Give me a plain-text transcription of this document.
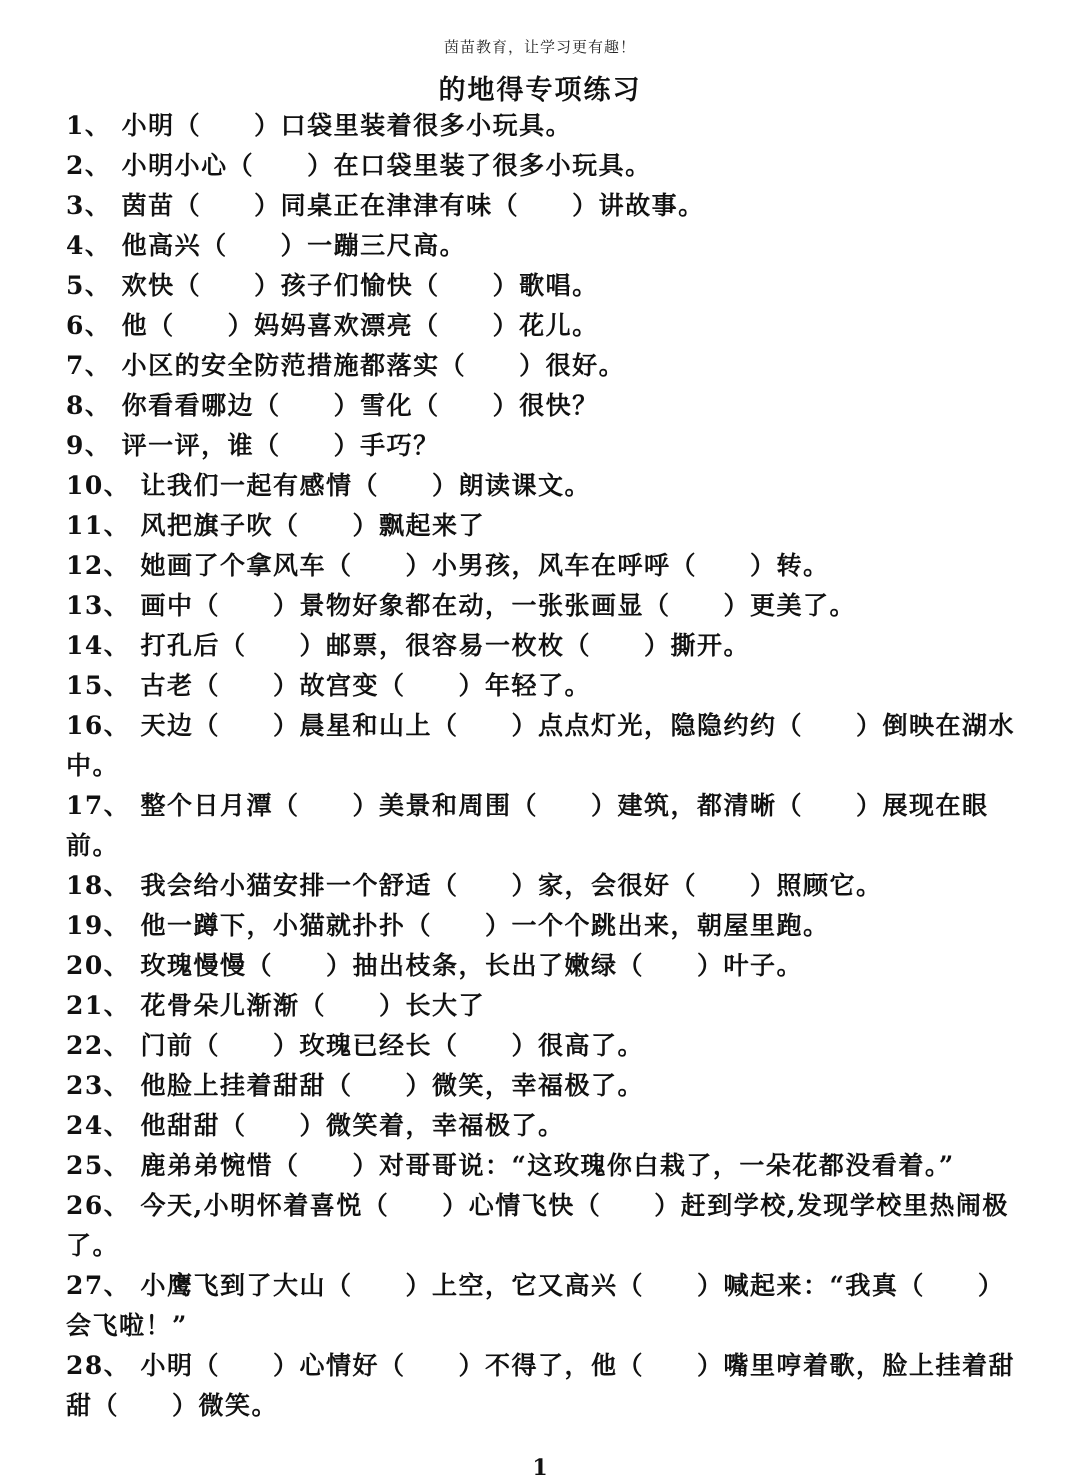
茵苗教育，让学习更有趣！
的地得专项练习
1、 小明（　　）口袋里装着很多小玩具。
2、 小明小心（　　）在口袋里装了很多小玩具。
3、 茵苗（　　）同桌正在津津有味（　　）讲故事。
4、 他高兴（　　）一蹦三尺高。
5、 欢快（　　）孩子们愉快（　　）歌唱。
6、 他（　　）妈妈喜欢漂亮（　　）花儿。
7、 小区的安全防范措施都落实（　　）很好。
8、 你看看哪边（　　）雪化（　　）很快？
9、 评一评，谁（　　）手巧？
10、 让我们一起有感情（　　）朗读课文。
11、 风把旗子吹（　　）飘起来了
12、 她画了个拿风车（　　）小男孩，风车在呼呼（　　）转。
13、 画中（　　）景物好象都在动，一张张画显（　　）更美了。
14、 打孔后（　　）邮票，很容易一枚枚（　　）撕开。
15、 古老（　　）故宫变（　　）年轻了。
16、 天边（　　）晨星和山上（　　）点点灯光，隐隐约约（　　）倒映在湖水中。
17、 整个日月潭（　　）美景和周围（　　）建筑，都清晰（　　）展现在眼前。
18、 我会给小猫安排一个舒适（　　）家，会很好（　　）照顾它。
19、 他一蹲下，小猫就扑扑（　　）一个个跳出来，朝屋里跑。
20、 玫瑰慢慢（　　）抽出枝条，长出了嫩绿（　　）叶子。
21、 花骨朵儿渐渐（　　）长大了
22、 门前（　　）玫瑰已经长（　　）很高了。
23、 他脸上挂着甜甜（　　）微笑，幸福极了。
24、 他甜甜（　　）微笑着，幸福极了。
25、 鹿弟弟惋惜（　　）对哥哥说：“这玫瑰你白栽了，一朵花都没看着。”
26、 今天,小明怀着喜悦（　　）心情飞快（　　）赶到学校,发现学校里热闹极了。
27、 小鹰飞到了大山（　　）上空，它又高兴（　　）喊起来：“我真（　　）会飞啦！”
28、 小明（　　）心情好（　　）不得了，他（　　）嘴里哼着歌，脸上挂着甜甜（　　）微笑。
1
